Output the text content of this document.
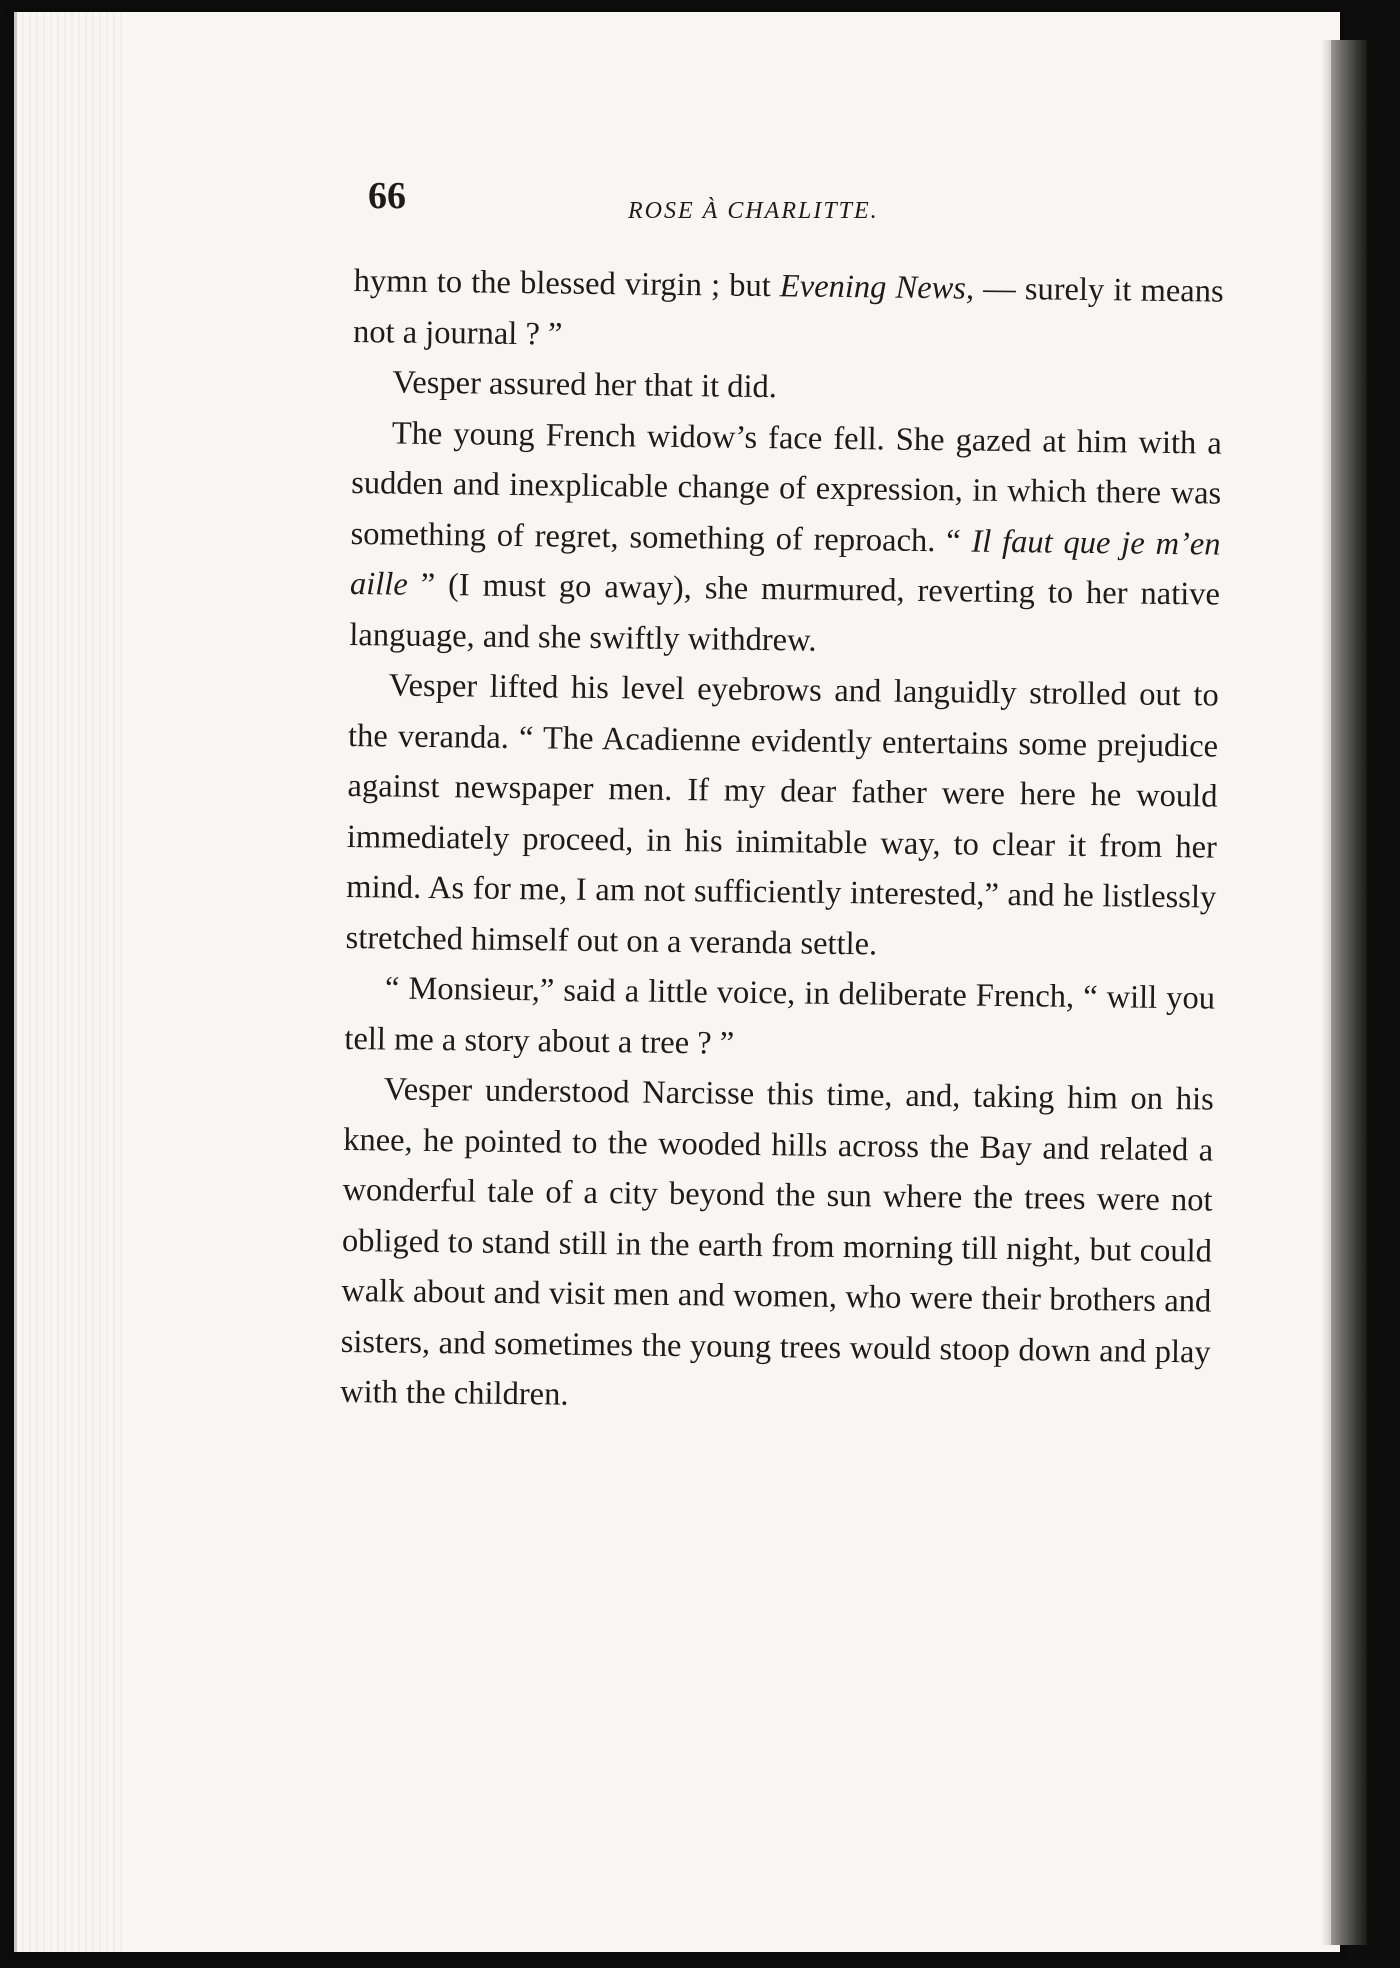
66	ROSE À CHARLITTE.

hymn to the blessed virgin ; but Evening News, — surely it means not a journal ? ”

Vesper assured her that it did.

The young French widow’s face fell. She gazed at him with a sudden and inexplicable change of expression, in which there was something of regret, something of reproach. “ Il faut que je m’en aille ” (I must go away), she murmured, reverting to her native language, and she swiftly withdrew.

Vesper lifted his level eyebrows and languidly strolled out to the veranda. “ The Acadienne evidently entertains some prejudice against newspaper men. If my dear father were here he would immediately proceed, in his inimitable way, to clear it from her mind. As for me, I am not sufficiently interested,” and he listlessly stretched himself out on a veranda settle.

“ Monsieur,” said a little voice, in deliberate French, “ will you tell me a story about a tree ? ”

Vesper understood Narcisse this time, and, taking him on his knee, he pointed to the wooded hills across the Bay and related a wonderful tale of a city beyond the sun where the trees were not obliged to stand still in the earth from morning till night, but could walk about and visit men and women, who were their brothers and sisters, and sometimes the young trees would stoop down and play with the children.
